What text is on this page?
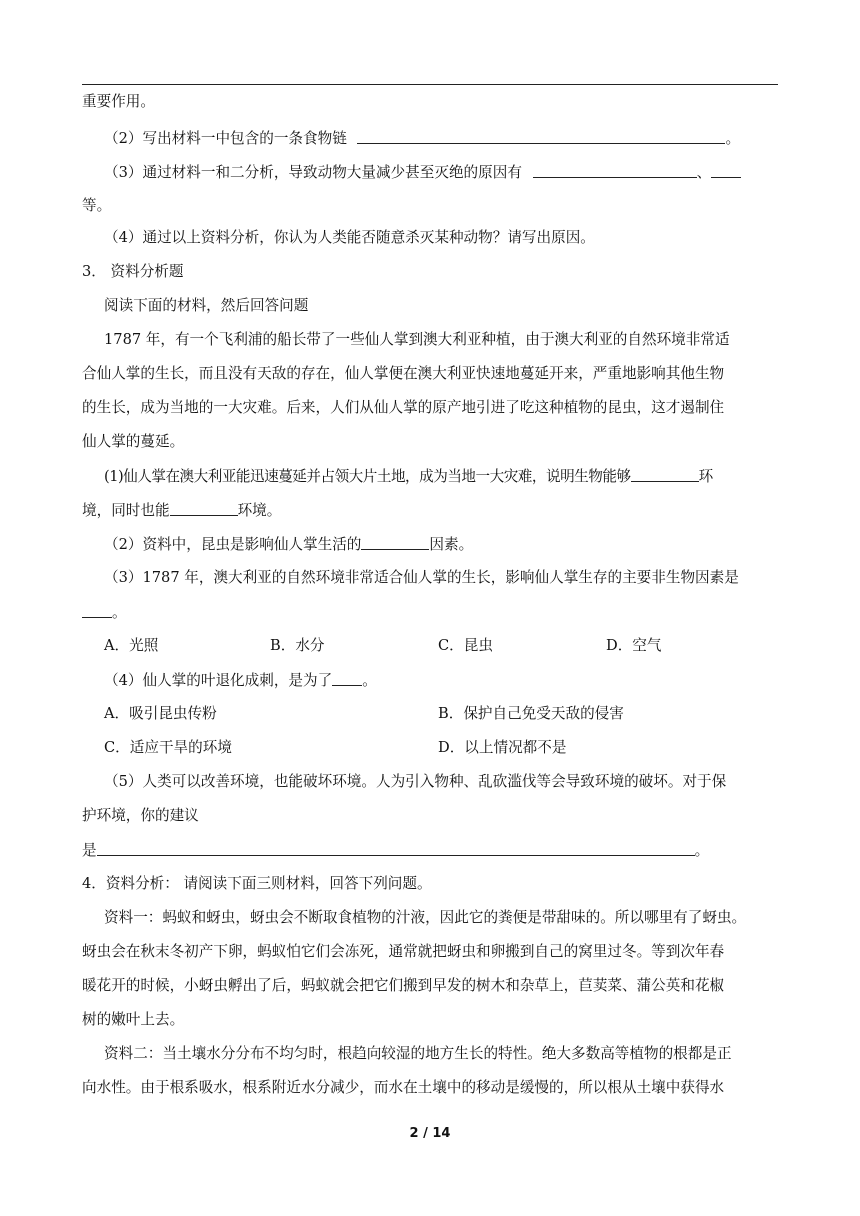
重要作用。
（2）写出材料一中包含的一条食物链	。
（3）通过材料一和二分析，导致动物大量减少甚至灭绝的原因有	、
等。
（4）通过以上资料分析，你认为人类能否随意杀灭某种动物？请写出原因。
3． 资料分析题
阅读下面的材料，然后回答问题
1787 年，有一个飞利浦的船长带了一些仙人掌到澳大利亚种植，由于澳大利亚的自然环境非常适
合仙人掌的生长，而且没有天敌的存在，仙人掌便在澳大利亚快速地蔓延开来，严重地影响其他生物
的生长，成为当地的一大灾难。后来，人们从仙人掌的原产地引进了吃这种植物的昆虫，这才遏制住
仙人掌的蔓延。
(1)仙人掌在澳大利亚能迅速蔓延并占领大片土地，成为当地一大灾难，说明生物能够	环
境，同时也能	环境。
（2）资料中，昆虫是影响仙人掌生活的	因素。
（3）1787 年，澳大利亚的自然环境非常适合仙人掌的生长，影响仙人掌生存的主要非生物因素是
。
A．光照	B．水分	C．昆虫	D．空气
（4）仙人掌的叶退化成刺，是为了 。
A．吸引昆虫传粉	B．保护自己免受天敌的侵害
C．适应干旱的环境	D．以上情况都不是
（5）人类可以改善环境，也能破坏环境。人为引入物种、乱砍滥伐等会导致环境的破坏。对于保
护环境，你的建议
是	。
4．资料分析： 请阅读下面三则材料，回答下列问题。
资料一：蚂蚁和蚜虫，蚜虫会不断取食植物的汁液，因此它的粪便是带甜味的。所以哪里有了蚜虫。
蚜虫会在秋末冬初产下卵，蚂蚁怕它们会冻死，通常就把蚜虫和卵搬到自己的窝里过冬。等到次年春
暖花开的时候，小蚜虫孵出了后，蚂蚁就会把它们搬到早发的树木和杂草上，苣荬菜、蒲公英和花椒
树的嫩叶上去。
资料二：当土壤水分分布不均匀时，根趋向较湿的地方生长的特性。绝大多数高等植物的根都是正
向水性。由于根系吸水，根系附近水分减少，而水在土壤中的移动是缓慢的，所以根从土壤中获得水
2 / 14
